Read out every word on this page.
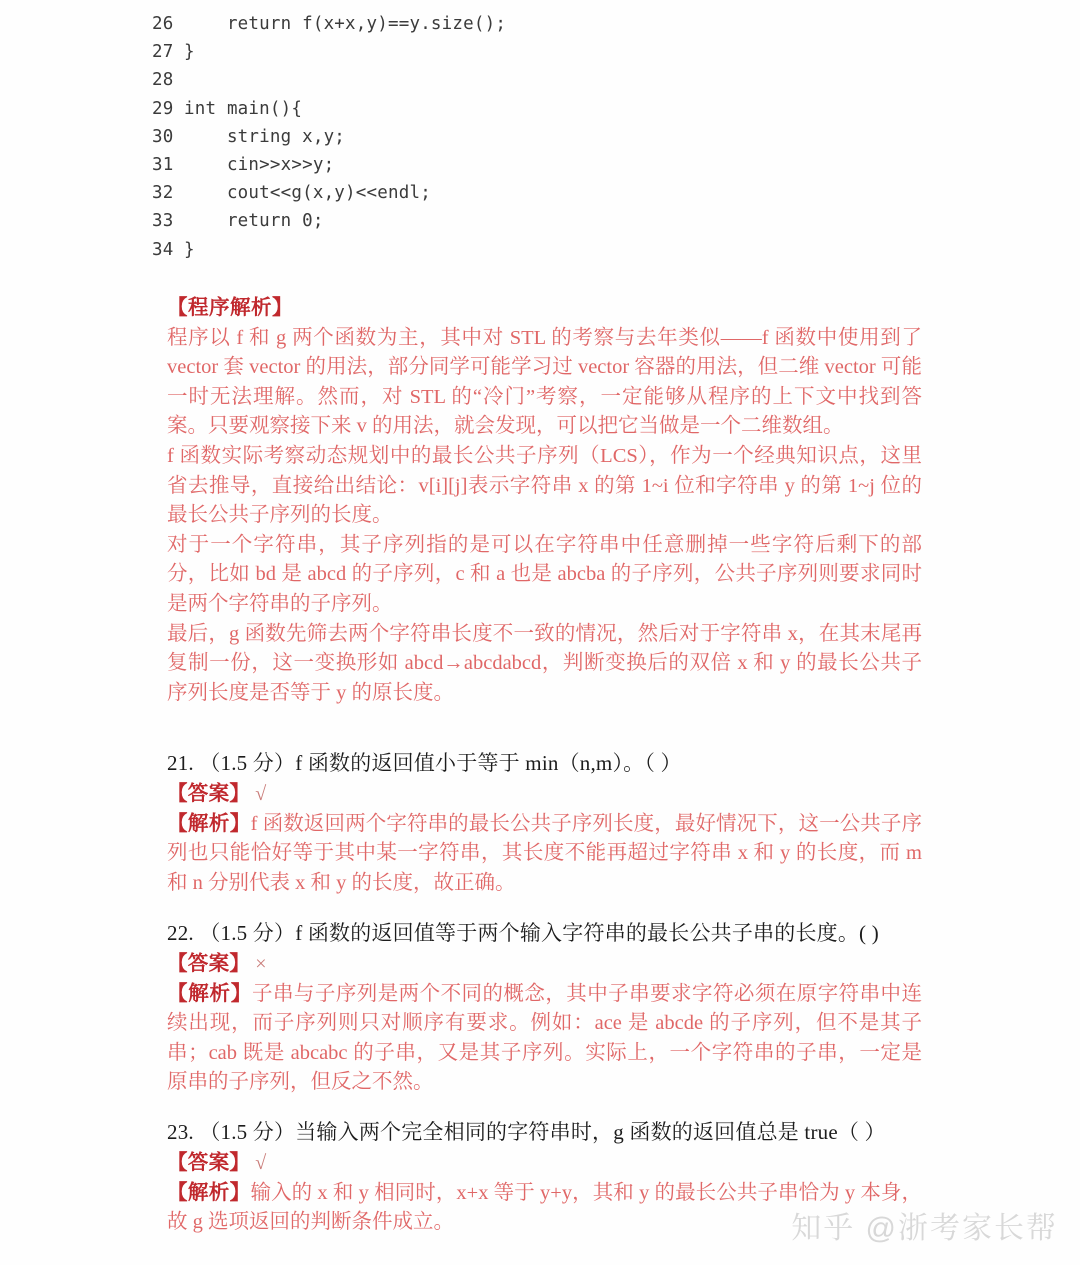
26    return f(x+x,y)==y.size();
27 }
28
29 int main(){
30    string x,y;
31    cin>>x>>y;
32    cout<<g(x,y)<<endl;
33    return 0;
34 }
【程序解析】

程序以 f 和 g 两个函数为主，其中对 STL 的考察与去年类似——f 函数中使用到了 vector 套 vector 的用法，部分同学可能学习过 vector 容器的用法，但二维 vector 可能一时无法理解。然而，对 STL 的“冷门”考察，一定能够从程序的上下文中找到答案。只要观察接下来 v 的用法，就会发现，可以把它当做是一个二维数组。

f 函数实际考察动态规划中的最长公共子序列（LCS），作为一个经典知识点，这里省去推导，直接给出结论：v[i][j]表示字符串 x 的第 1~i 位和字符串 y 的第 1~j 位的最长公共子序列的长度。

对于一个字符串，其子序列指的是可以在字符串中任意删掉一些字符后剩下的部分，比如 bd 是 abcd 的子序列，c 和 a 也是 abcba 的子序列，公共子序列则要求同时是两个字符串的子序列。

最后，g 函数先筛去两个字符串长度不一致的情况，然后对于字符串 x，在其末尾再复制一份，这一变换形如 abcd→abcdabcd，判断变换后的双倍 x 和 y 的最长公共子序列长度是否等于 y 的原长度。

21. （1.5 分）f 函数的返回值小于等于 min（n,m）。（ ）

【答案】 √

【解析】f 函数返回两个字符串的最长公共子序列长度，最好情况下，这一公共子序列也只能恰好等于其中某一字符串，其长度不能再超过字符串 x 和 y 的长度，而 m 和 n 分别代表 x 和 y 的长度，故正确。

22. （1.5 分）f 函数的返回值等于两个输入字符串的最长公共子串的长度。( )

【答案】 ×

【解析】子串与子序列是两个不同的概念，其中子串要求字符必须在原字符串中连续出现，而子序列则只对顺序有要求。例如：ace 是 abcde 的子序列，但不是其子串；cab 既是 abcabc 的子串，又是其子序列。实际上，一个字符串的子串，一定是原串的子序列，但反之不然。

23. （1.5 分）当输入两个完全相同的字符串时，g 函数的返回值总是 true（ ）

【答案】 √

【解析】输入的 x 和 y 相同时，x+x 等于 y+y，其和 y 的最长公共子串恰为 y 本身，故 g 选项返回的判断条件成立。	知乎 @浙考家长帮
